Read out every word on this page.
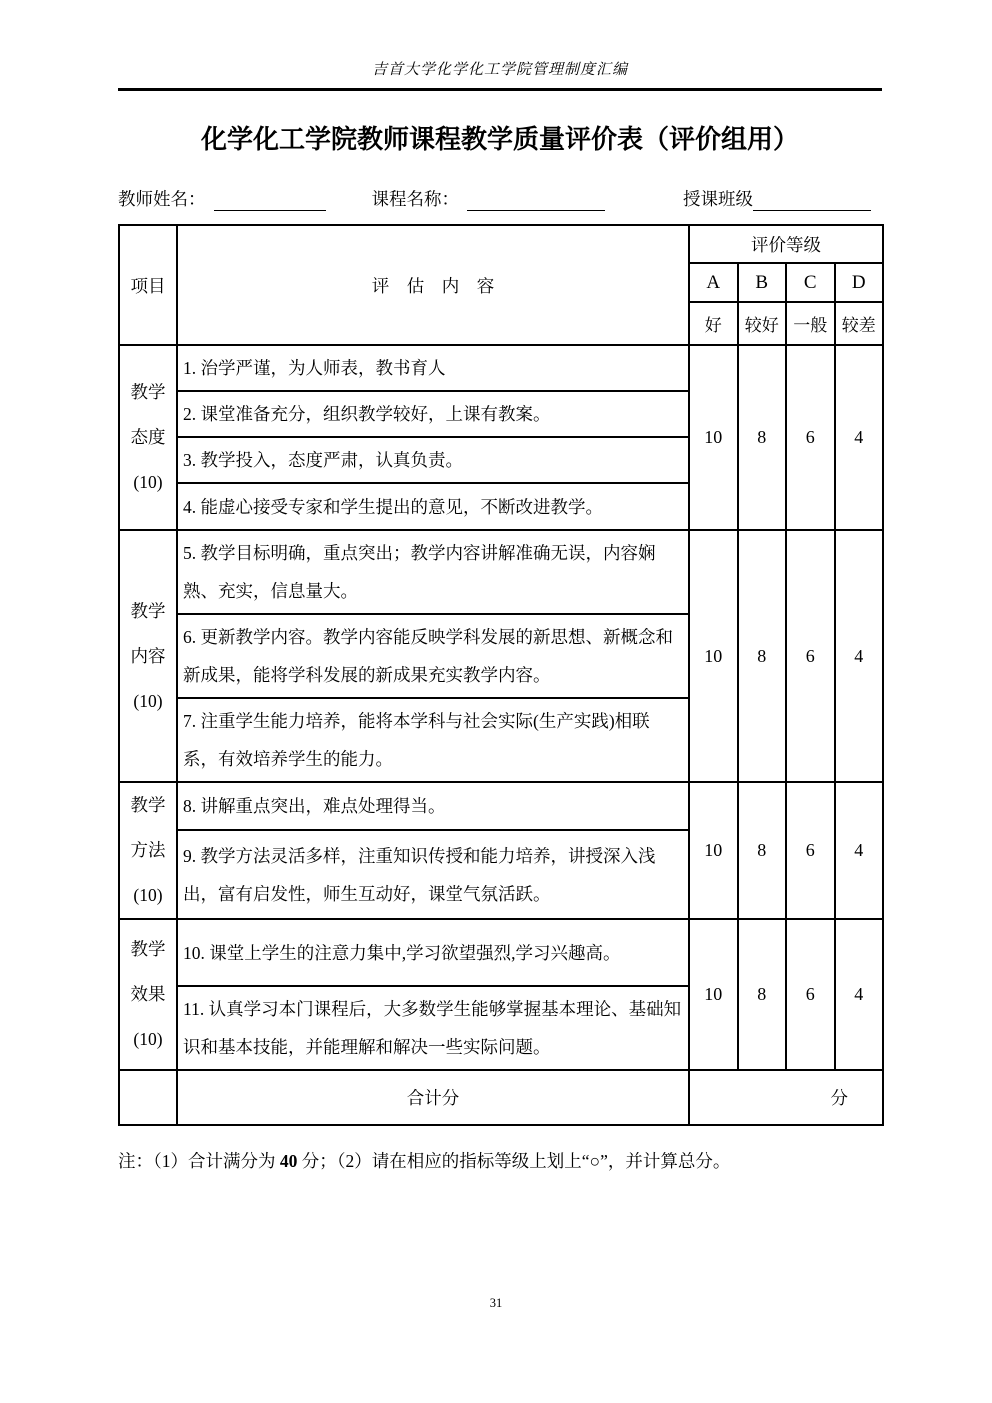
吉首大学化学化工学院管理制度汇编
化学化工学院教师课程教学质量评价表（评价组用）
教师姓名：	课程名称：	授课班级
项目	评　估　内　容	评价等级			
		A	B	C	D
		好	较好	一般	较差

教学
态度
(10)	1. 治学严谨，为人师表，教书育人	10	8	6	4
	2. 课堂准备充分，组织教学较好，上课有教案。				
	3. 教学投入，态度严肃，认真负责。				
	4. 能虚心接受专家和学生提出的意见，不断改进教学。				

教学
内容
(10)	5. 教学目标明确，重点突出；教学内容讲解准确无误，内容娴熟、充实，信息量大。	10	8	6	4
	6. 更新教学内容。教学内容能反映学科发展的新思想、新概念和新成果，能将学科发展的新成果充实教学内容。				
	7. 注重学生能力培养，能将本学科与社会实际(生产实践)相联系，有效培养学生的能力。				

教学
方法
(10)	8. 讲解重点突出，难点处理得当。	10	8	6	4
	9. 教学方法灵活多样，注重知识传授和能力培养，讲授深入浅出，富有启发性，师生互动好，课堂气氛活跃。				

教学
效果
(10)	10. 课堂上学生的注意力集中,学习欲望强烈,学习兴趣高。	10	8	6	4
	11. 认真学习本门课程后，大多数学生能够掌握基本理论、基础知识和基本技能，并能理解和解决一些实际问题。				
	合计分	分			
注：（1）合计满分为 40 分；（2）请在相应的指标等级上划上“○”，并计算总分。
31
